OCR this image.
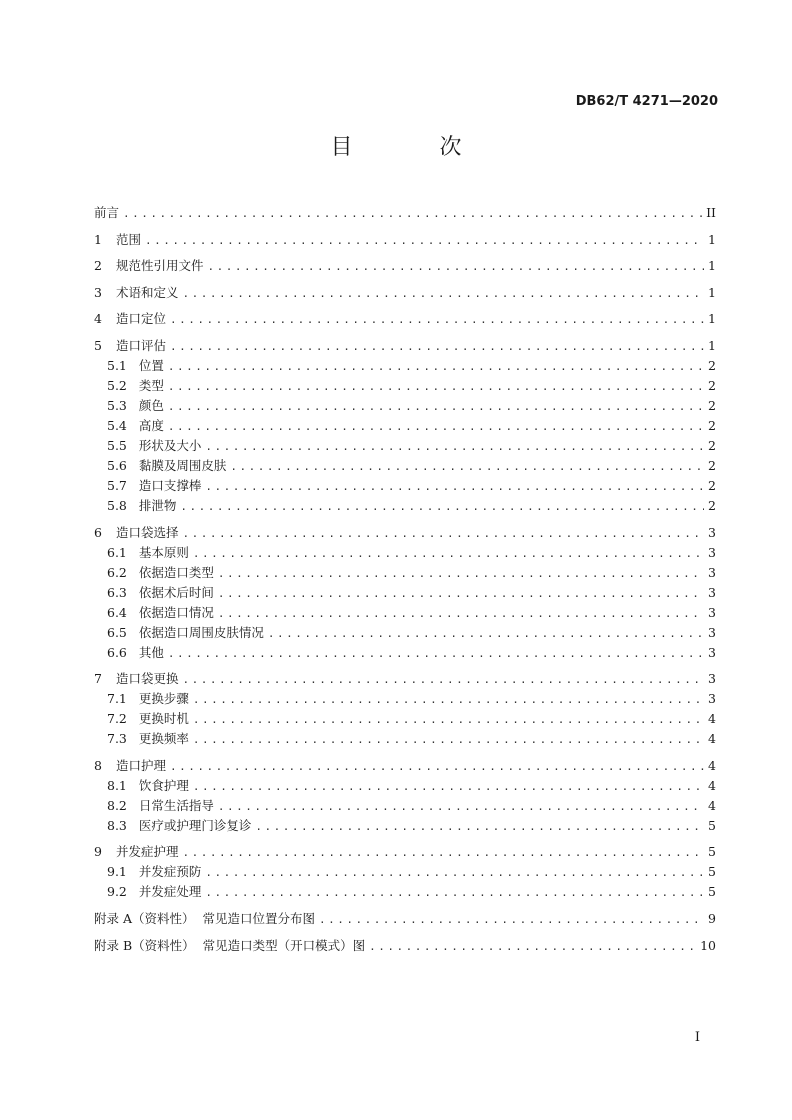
DB62/T 4271—2020
目 次
前言 .....	II
1 范围 .....	1
2 规范性引用文件 .....	1
3 术语和定义 .....	1
4 造口定位 .....	1
5 造口评估 .....	1
5.1 位置 .....	2
5.2 类型 .....	2
5.3 颜色 .....	2
5.4 高度 .....	2
5.5 形状及大小 .....	2
5.6 黏膜及周围皮肤 .....	2
5.7 造口支撑棒 .....	2
5.8 排泄物 .....	2
6 造口袋选择 .....	3
6.1 基本原则 .....	3
6.2 依据造口类型 .....	3
6.3 依据术后时间 .....	3
6.4 依据造口情况 .....	3
6.5 依据造口周围皮肤情况 .....	3
6.6 其他 .....	3
7 造口袋更换 .....	3
7.1 更换步骤 .....	3
7.2 更换时机 .....	4
7.3 更换频率 .....	4
8 造口护理 .....	4
8.1 饮食护理 .....	4
8.2 日常生活指导 .....	4
8.3 医疗或护理门诊复诊 .....	5
9 并发症护理 .....	5
9.1 并发症预防 .....	5
9.2 并发症处理 .....	5
附录 A（资料性）  常见造口位置分布图 .....	9
附录 B（资料性）  常见造口类型（开口模式）图 .....	10
I
